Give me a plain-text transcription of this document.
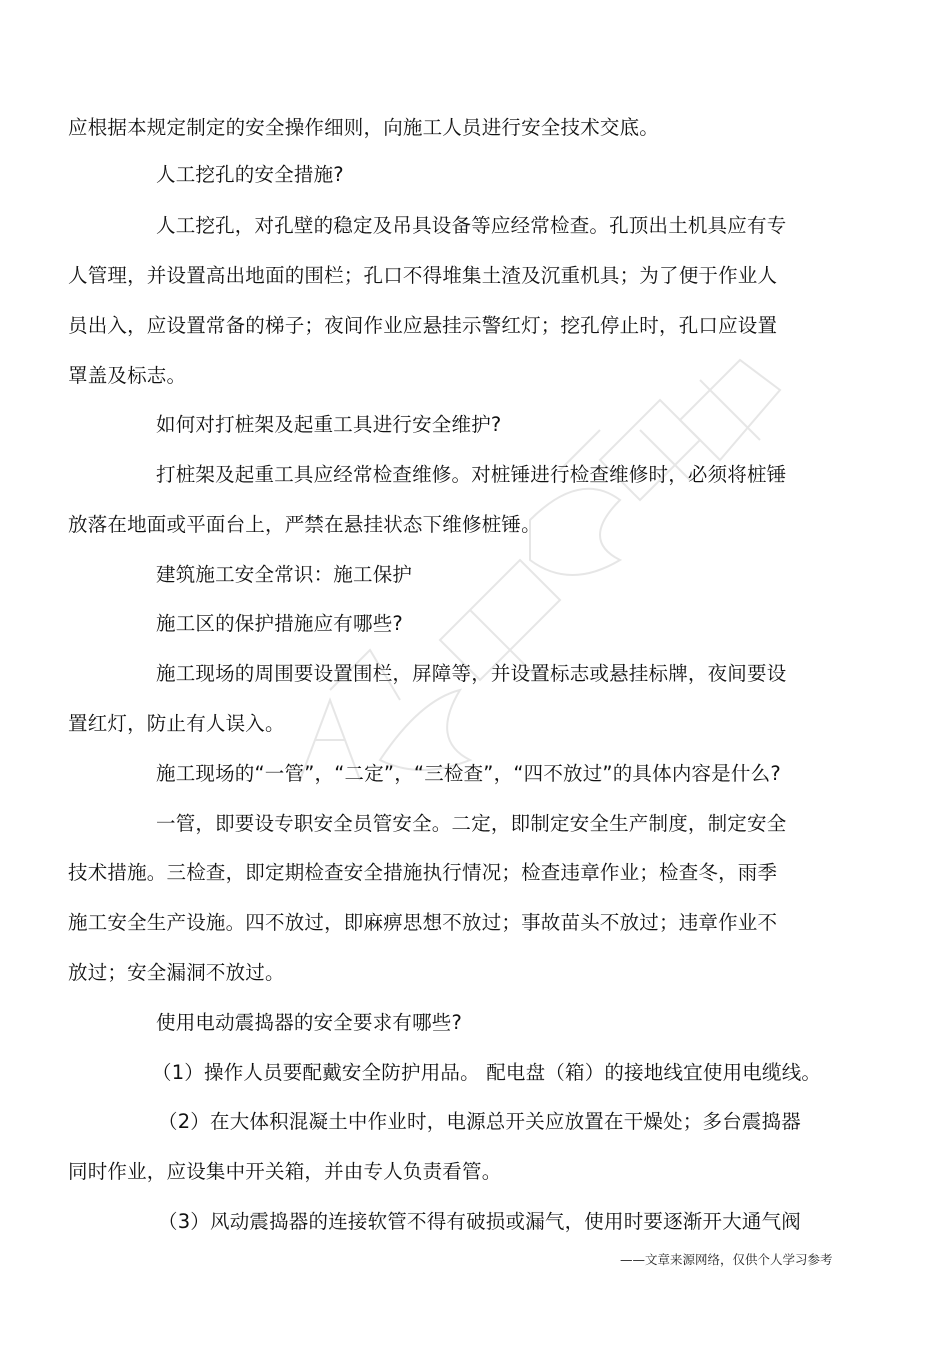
应根据本规定制定的安全操作细则，向施工人员进行安全技术交底。
人工挖孔的安全措施?
人工挖孔，对孔壁的稳定及吊具设备等应经常检查。孔顶出土机具应有专
人管理，并设置高出地面的围栏；孔口不得堆集土渣及沉重机具；为了便于作业人
员出入，应设置常备的梯子；夜间作业应悬挂示警红灯；挖孔停止时，孔口应设置
罩盖及标志。
如何对打桩架及起重工具进行安全维护?
打桩架及起重工具应经常检查维修。对桩锤进行检查维修时，必须将桩锤
放落在地面或平面台上，严禁在悬挂状态下维修桩锤。
建筑施工安全常识：施工保护
施工区的保护措施应有哪些?
施工现场的周围要设置围栏，屏障等，并设置标志或悬挂标牌，夜间要设
置红灯，防止有人误入。
施工现场的“一管”，“二定”，“三检查”，“四不放过”的具体内容是什么?
一管，即要设专职安全员管安全。二定，即制定安全生产制度，制定安全
技术措施。三检查，即定期检查安全措施执行情况；检查违章作业；检查冬，雨季
施工安全生产设施。四不放过，即麻痹思想不放过；事故苗头不放过；违章作业不
放过；安全漏洞不放过。
使用电动震捣器的安全要求有哪些?
（1）操作人员要配戴安全防护用品。 配电盘（箱）的接地线宜使用电缆线。
（2）在大体积混凝土中作业时，电源总开关应放置在干燥处；多台震捣器
同时作业，应设集中开关箱，并由专人负责看管。
（3）风动震捣器的连接软管不得有破损或漏气，使用时要逐渐开大通气阀
——文章来源网络，仅供个人学习参考
